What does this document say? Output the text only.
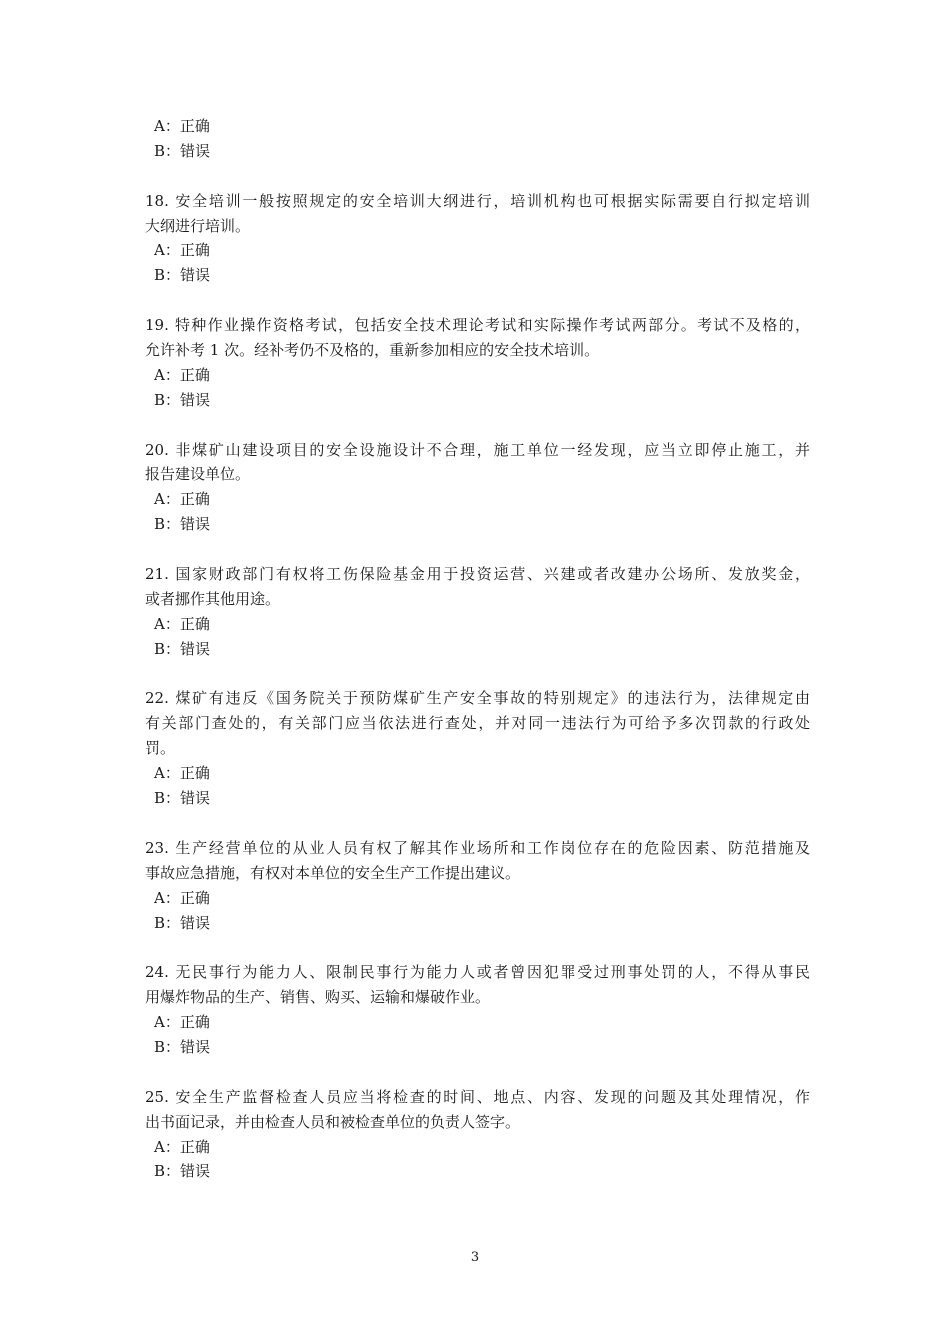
A：正确
B：错误
18. 安全培训一般按照规定的安全培训大纲进行，培训机构也可根据实际需要自行拟定培训
大纲进行培训。
A：正确
B：错误
19. 特种作业操作资格考试，包括安全技术理论考试和实际操作考试两部分。考试不及格的，
允许补考 1 次。经补考仍不及格的，重新参加相应的安全技术培训。
A：正确
B：错误
20. 非煤矿山建设项目的安全设施设计不合理，施工单位一经发现，应当立即停止施工，并
报告建设单位。
A：正确
B：错误
21. 国家财政部门有权将工伤保险基金用于投资运营、兴建或者改建办公场所、发放奖金，
或者挪作其他用途。
A：正确
B：错误
22. 煤矿有违反《国务院关于预防煤矿生产安全事故的特别规定》的违法行为，法律规定由
有关部门查处的，有关部门应当依法进行查处，并对同一违法行为可给予多次罚款的行政处
罚。
A：正确
B：错误
23. 生产经营单位的从业人员有权了解其作业场所和工作岗位存在的危险因素、防范措施及
事故应急措施，有权对本单位的安全生产工作提出建议。
A：正确
B：错误
24. 无民事行为能力人、限制民事行为能力人或者曾因犯罪受过刑事处罚的人，不得从事民
用爆炸物品的生产、销售、购买、运输和爆破作业。
A：正确
B：错误
25. 安全生产监督检查人员应当将检查的时间、地点、内容、发现的问题及其处理情况，作
出书面记录，并由检查人员和被检查单位的负责人签字。
A：正确
B：错误
3
